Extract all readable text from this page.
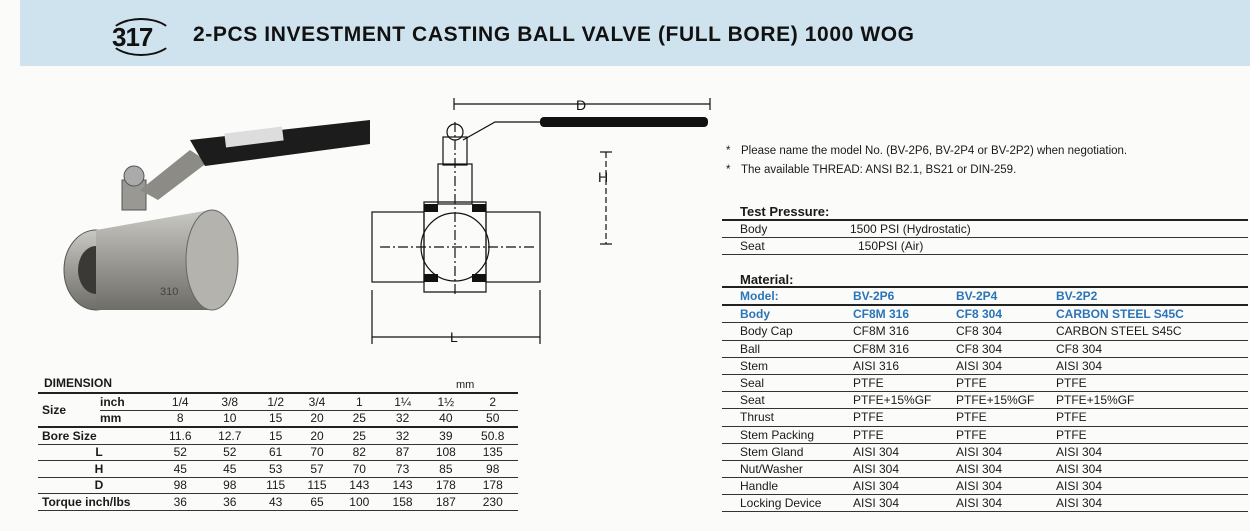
317 2-PCS INVESTMENT CASTING BALL VALVE (FULL BORE) 1000 WOG
310
D
H
L
* Please name the model No. (BV-2P6, BV-2P4 or BV-2P2) when negotiation.
* The available THREAD: ANSI B2.1, BS21 or DIN-259.
Test Pressure:
Body	1500 PSI (Hydrostatic)
Seat	150PSI (Air)
Material:
Model:	BV-2P6	BV-2P4	BV-2P2
Body	CF8M 316	CF8 304	CARBON STEEL S45C
Body Cap	CF8M 316	CF8 304	CARBON STEEL S45C
Ball	CF8M 316	CF8 304	CF8 304
Stem	AISI 316	AISI 304	AISI 304
Seal	PTFE	PTFE	PTFE
Seat	PTFE+15%GF	PTFE+15%GF	PTFE+15%GF
Thrust	PTFE	PTFE	PTFE
Stem Packing	PTFE	PTFE	PTFE
Stem Gland	AISI 304	AISI 304	AISI 304
Nut/Washer	AISI 304	AISI 304	AISI 304
Handle	AISI 304	AISI 304	AISI 304
Locking Device	AISI 304	AISI 304	AISI 304
DIMENSION	mm
Size	inch	1/4	3/8	1/2	3/4	1	1¼	1½	2
	mm	8	10	15	20	25	32	40	50
Bore Size		11.6	12.7	15	20	25	32	39	50.8
L		52	52	61	70	82	87	108	135
H		45	45	53	57	70	73	85	98
D		98	98	115	115	143	143	178	178
Torque inch/lbs		36	36	43	65	100	158	187	230
